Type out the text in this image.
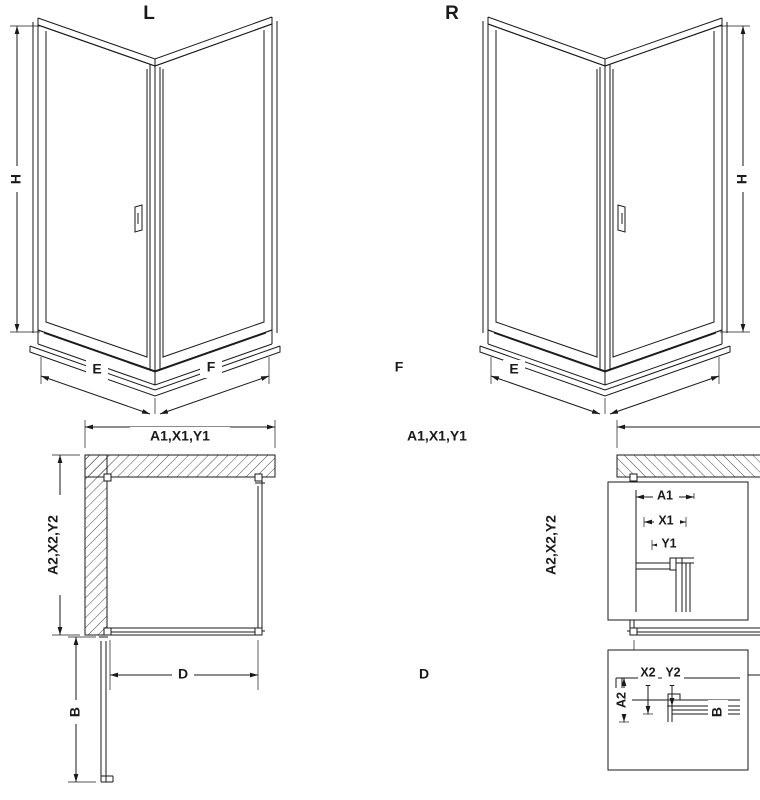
L	R
H	H
E	F	F	E
A1,X1,Y1	A1,X1,Y1
A2,X2,Y2	A2,X2,Y2
D	D
B	B
A1
X1
Y1
A2
X2 Y2
